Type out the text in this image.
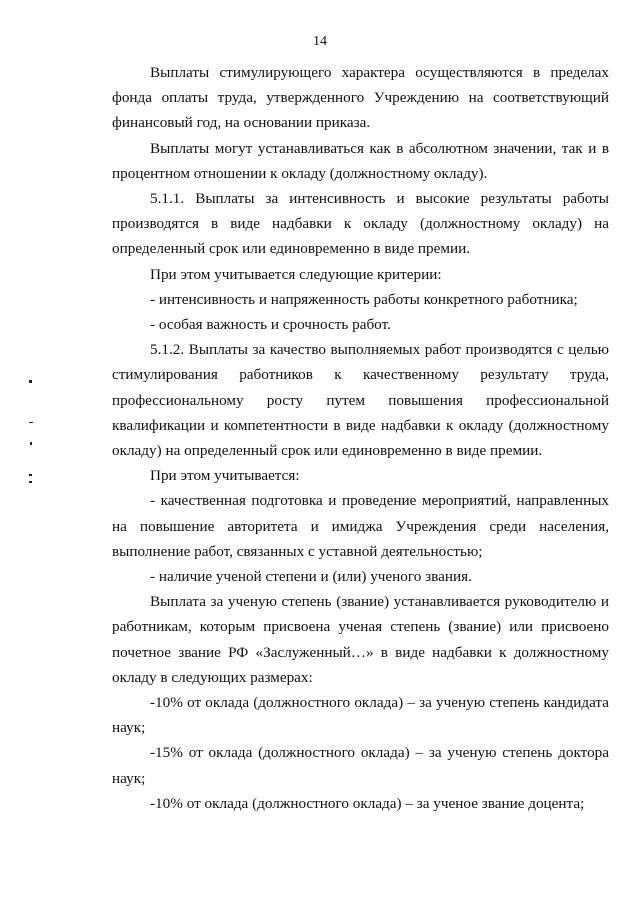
14

Выплаты стимулирующего характера осуществляются в пределах фонда оплаты труда, утвержденного Учреждению на соответствующий финансовый год, на основании приказа.

Выплаты могут устанавливаться как в абсолютном значении, так и в процентном отношении к окладу (должностному окладу).

5.1.1. Выплаты за интенсивность и высокие результаты работы производятся в виде надбавки к окладу (должностному окладу) на определенный срок или единовременно в виде премии.

При этом учитывается следующие критерии:

- интенсивность и напряженность работы конкретного работника;

- особая важность и срочность работ.

5.1.2. Выплаты за качество выполняемых работ производятся с целью стимулирования работников к качественному результату труда, профессиональному росту путем повышения профессиональной квалификации и компетентности в виде надбавки к окладу (должностному окладу) на определенный срок или единовременно в виде премии.

При этом учитывается:

- качественная подготовка и проведение мероприятий, направленных на повышение авторитета и имиджа Учреждения среди населения, выполнение работ, связанных с уставной деятельностью;

- наличие ученой степени и (или) ученого звания.

Выплата за ученую степень (звание) устанавливается руководителю и работникам, которым присвоена ученая степень (звание) или присвоено почетное звание РФ «Заслуженный…» в виде надбавки к должностному окладу в следующих размерах:

-10% от оклада (должностного оклада) – за ученую степень кандидата наук;

-15% от оклада (должностного оклада) – за ученую степень доктора наук;

-10% от оклада (должностного оклада) – за ученое звание доцента;
